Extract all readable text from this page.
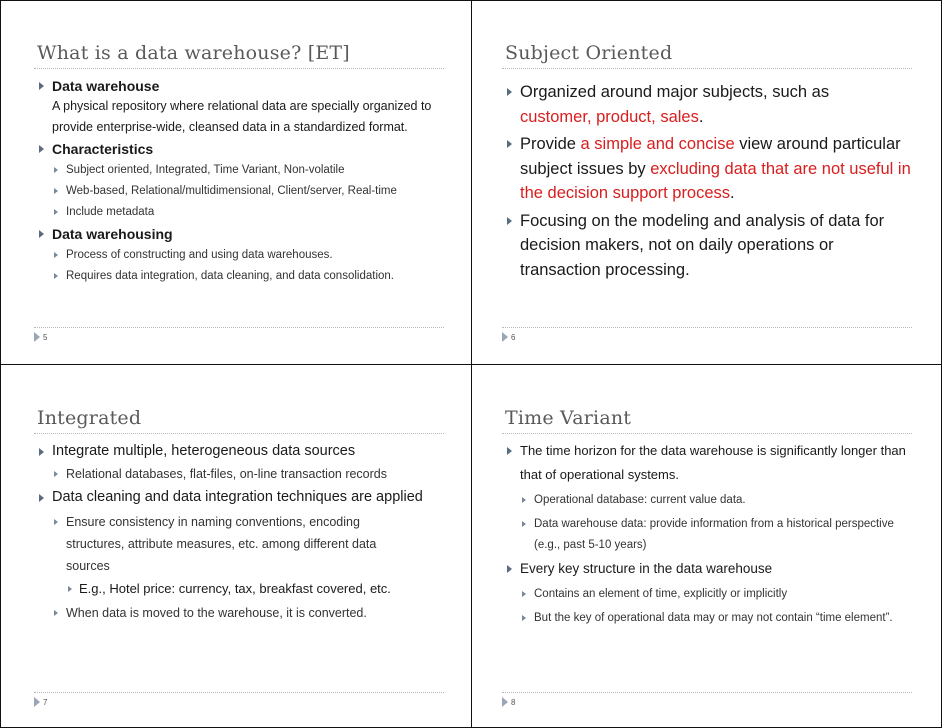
What is a data warehouse? [ET]
Data warehouse
A physical repository where relational data are specially organized to provide enterprise-wide, cleansed data in a standardized format.
Characteristics
Subject oriented, Integrated, Time Variant, Non-volatile
Web-based, Relational/multidimensional, Client/server, Real-time
Include metadata
Data warehousing
Process of constructing and using data warehouses.
Requires data integration, data cleaning, and data consolidation.
5
Subject Oriented
Organized around major subjects, such as
customer, product, sales.
Provide a simple and concise view around particular subject issues by excluding data that are not useful in the decision support process.
Focusing on the modeling and analysis of data for decision makers, not on daily operations or transaction processing.
6
Integrated
Integrate multiple, heterogeneous data sources
Relational databases, flat-files, on-line transaction records
Data cleaning and data integration techniques are applied
Ensure consistency in naming conventions, encoding structures, attribute measures, etc. among different data sources
E.g., Hotel price: currency, tax, breakfast covered, etc.
When data is moved to the warehouse, it is converted.
7
Time Variant
The time horizon for the data warehouse is significantly longer than that of operational systems.
Operational database: current value data.
Data warehouse data: provide information from a historical perspective (e.g., past 5-10 years)
Every key structure in the data warehouse
Contains an element of time, explicitly or implicitly
But the key of operational data may or may not contain “time element”.
8
